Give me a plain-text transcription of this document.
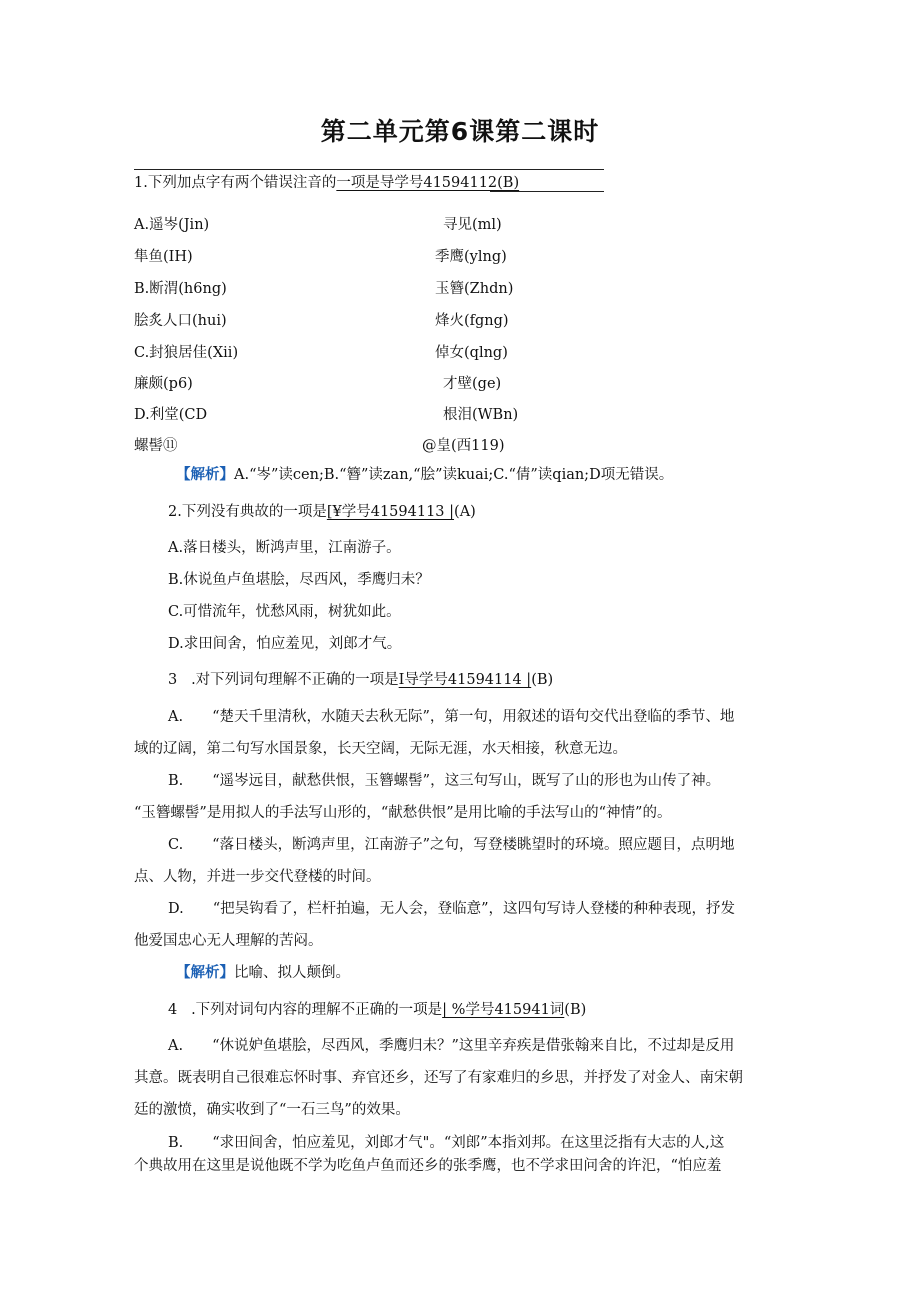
第二单元第6课第二课时
1.下列加点字有两个错误注音的一项是导学号41594112(B)
A.遥岑(Jin)	寻见(ml)
隼鱼(IH)	季鹰(ylng)
B.断渭(h6ng)	玉簪(Zhdn)
脍炙人口(hui)	烽火(fgng)
C.封狼居佳(Xii)	倬女(qlng)
廉颇(p6)	才壁(ge)
D.利堂(CD	根泪(WBn)
螺髻⑪	@皇(西119)
【解析】A.“岑”读cen;B.“簪”读zan,“脍”读kuai;C.“倩”读qian;D项无错误。
2.下列没有典故的一项是[¥学号41594113 |(A)
A.落日楼头，断鸿声里，江南游子。
B.休说鱼卢鱼堪脍，尽西风，季鹰归未？
C.可惜流年，忧愁风雨，树犹如此。
D.求田间舍，怕应羞见，刘郎才气。
3 .对下列词句理解不正确的一项是I导学号41594114 |(B)
A.　　“楚天千里清秋，水随天去秋无际”，第一句，用叙述的语句交代出登临的季节、地
域的辽阔，第二句写水国景象，长天空阔，无际无涯，水天相接，秋意无边。
B.　　“遥岑远目，献愁供恨，玉簪螺髻”，这三句写山，既写了山的形也为山传了神。
“玉簪螺髻”是用拟人的手法写山形的，“献愁供恨”是用比喻的手法写山的“神情”的。
C.　　“落日楼头，断鸿声里，江南游子”之句，写登楼眺望时的环境。照应题目，点明地
点、人物，并进一步交代登楼的时间。
D.　　“把吴钩看了，栏杆拍遍，无人会，登临意”，这四句写诗人登楼的种种表现，抒发
他爱国忠心无人理解的苦闷。
【解析】比喻、拟人颠倒。
4 .下列对词句内容的理解不正确的一项是| %学号415941词(B)
A.　　“休说妒鱼堪脍，尽西风，季鹰归未？”这里辛弃疾是借张翰来自比，不过却是反用
其意。既表明自己很难忘怀时事、弃官还乡，还写了有家难归的乡思，并抒发了对金人、南宋朝
廷的激愤，确实收到了“一石三鸟”的效果。
B.　　“求田间舍，怕应羞见，刘郎才气"。“刘郎”本指刘邦。在这里泛指有大志的人,这
个典故用在这里是说他既不学为吃鱼卢鱼而还乡的张季鹰，也不学求田问舍的许汜，“怕应羞
